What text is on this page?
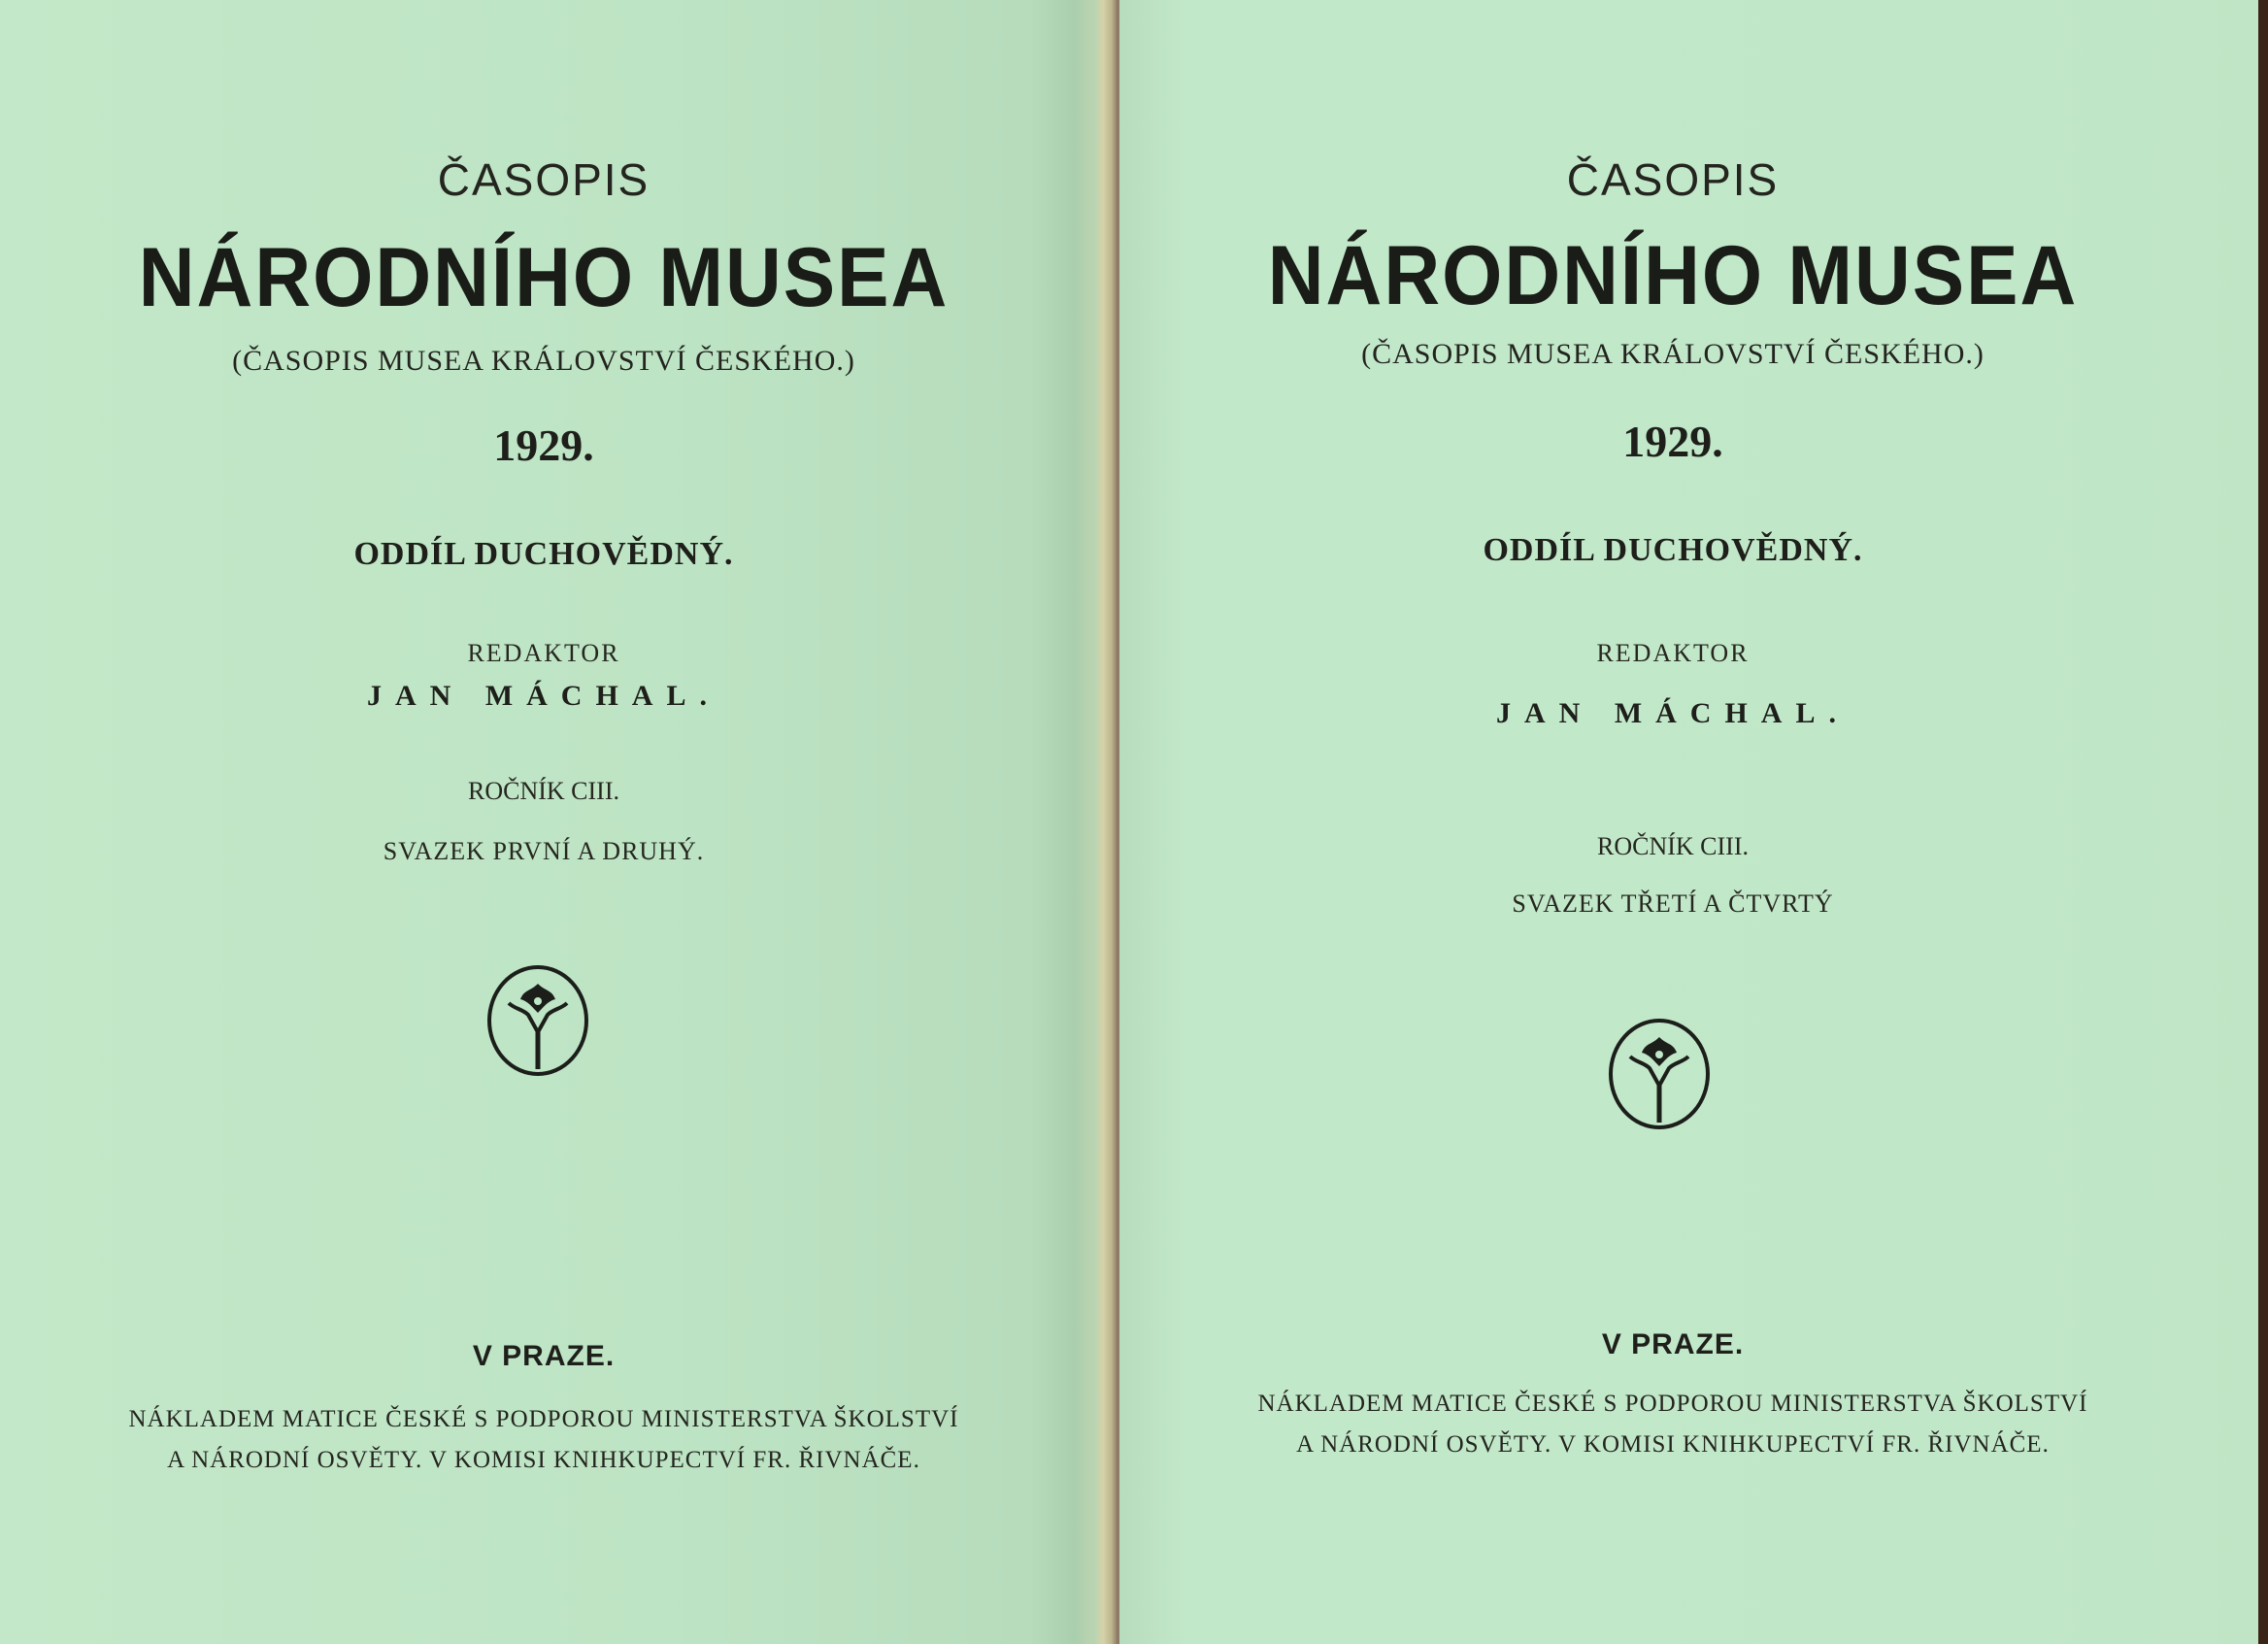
ČASOPIS
NÁRODNÍHO MUSEA
(ČASOPIS MUSEA KRÁLOVSTVÍ ČESKÉHO.)
1929.
ODDÍL DUCHOVĚDNÝ.
REDAKTOR
JAN MÁCHAL.
ROČNÍK CIII.
SVAZEK PRVNÍ A DRUHÝ.
V PRAZE.
NÁKLADEM MATICE ČESKÉ S PODPOROU MINISTERSTVA ŠKOLSTVÍ
A NÁRODNÍ OSVĚTY. V KOMISI KNIHKUPECTVÍ FR. ŘIVNÁČE.
ČASOPIS
NÁRODNÍHO MUSEA
(ČASOPIS MUSEA KRÁLOVSTVÍ ČESKÉHO.)
1929.
ODDÍL DUCHOVĚDNÝ.
REDAKTOR
JAN MÁCHAL.
ROČNÍK CIII.
SVAZEK TŘETÍ A ČTVRTÝ
V PRAZE.
NÁKLADEM MATICE ČESKÉ S PODPOROU MINISTERSTVA ŠKOLSTVÍ
A NÁRODNÍ OSVĚTY. V KOMISI KNIHKUPECTVÍ FR. ŘIVNÁČE.
